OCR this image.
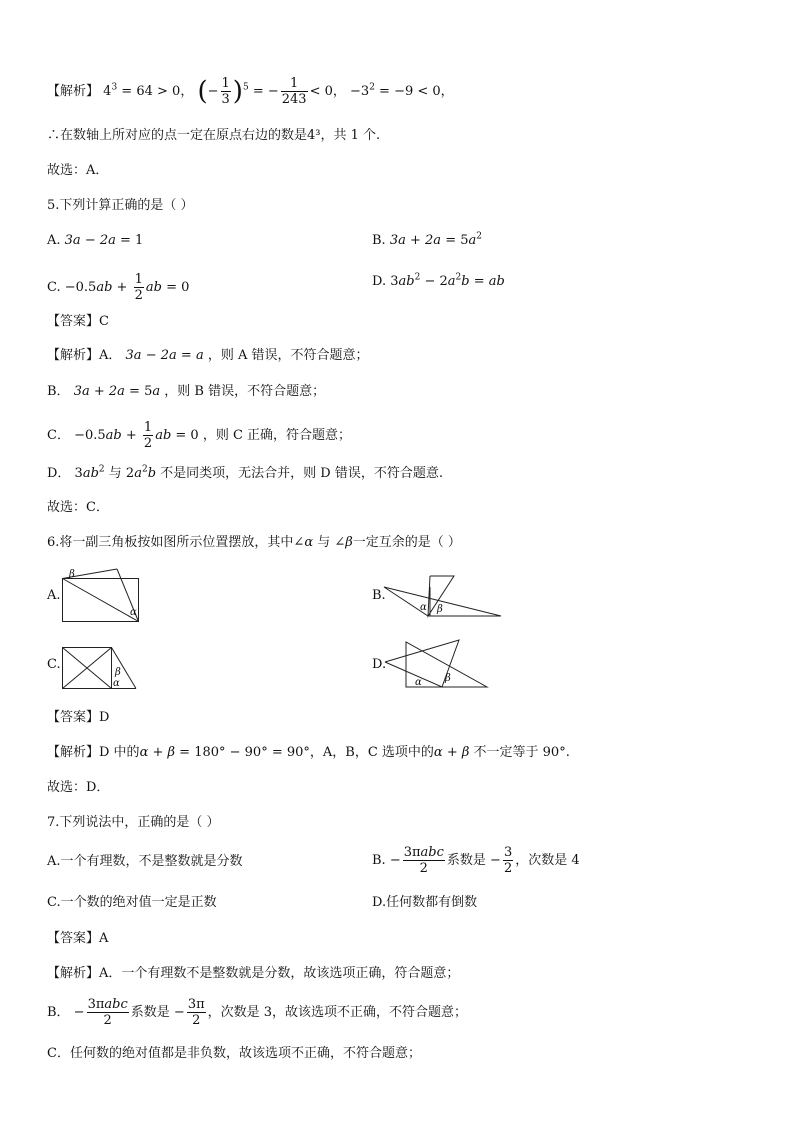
【解析】 $4^3 = 64 > 0$， (− $\frac{1}{3} )^5$ = − $\frac{1}{243} < 0$， $-3^2 = -9 < 0$，
∴在数轴上所对应的点一定在原点右边的数是4³，共 1 个.
故选：A．
5.下列计算正确的是（ ）
A. 3a − 2a = 1	B. $3a + 2a = 5a^2$
C. $-0.5ab + \frac{1}{2}$ ab = 0	D. $3ab^2 - 2a^2b$ = ab
【答案】C
【解析】A． 3a − 2a = a ，则 A 错误，不符合题意；
B． 3a + 2a = 5a ，则 B 错误，不符合题意；
C． $-0.5ab + \frac{1}{2}$ ab = 0 ，则 C 正确，符合题意；
D． $3ab^2$ 与 $2a^2b$ 不是同类项，无法合并，则 D 错误，不符合题意.
故选：C．
6.将一副三角板按如图所示位置摆放，其中∠α 与 ∠β一定互余的是（ ）
A.
β
α
B.
α β
C.
β
α
D.
α β
【答案】D
【解析】D 中的α + β = 180° − 90° = 90°，A，B，C 选项中的α + β 不一定等于 90°.
故选：D．
7.下列说法中，正确的是（ ）
A.一个有理数，不是整数就是分数	B. − $\frac{\text{3πabc}}{2}$ 系数是 − $\frac{3}{2}$ ，次数是 4
C.一个数的绝对值一定是正数	D.任何数都有倒数
【答案】A
【解析】A．一个有理数不是整数就是分数，故该选项正确，符合题意；
B． − $\frac{\text{3πabc}}{2}$ 系数是 − $\frac{3\pi}{2}$ ，次数是 3，故该选项不正确，不符合题意；
C．任何数的绝对值都是非负数，故该选项不正确，不符合题意；
